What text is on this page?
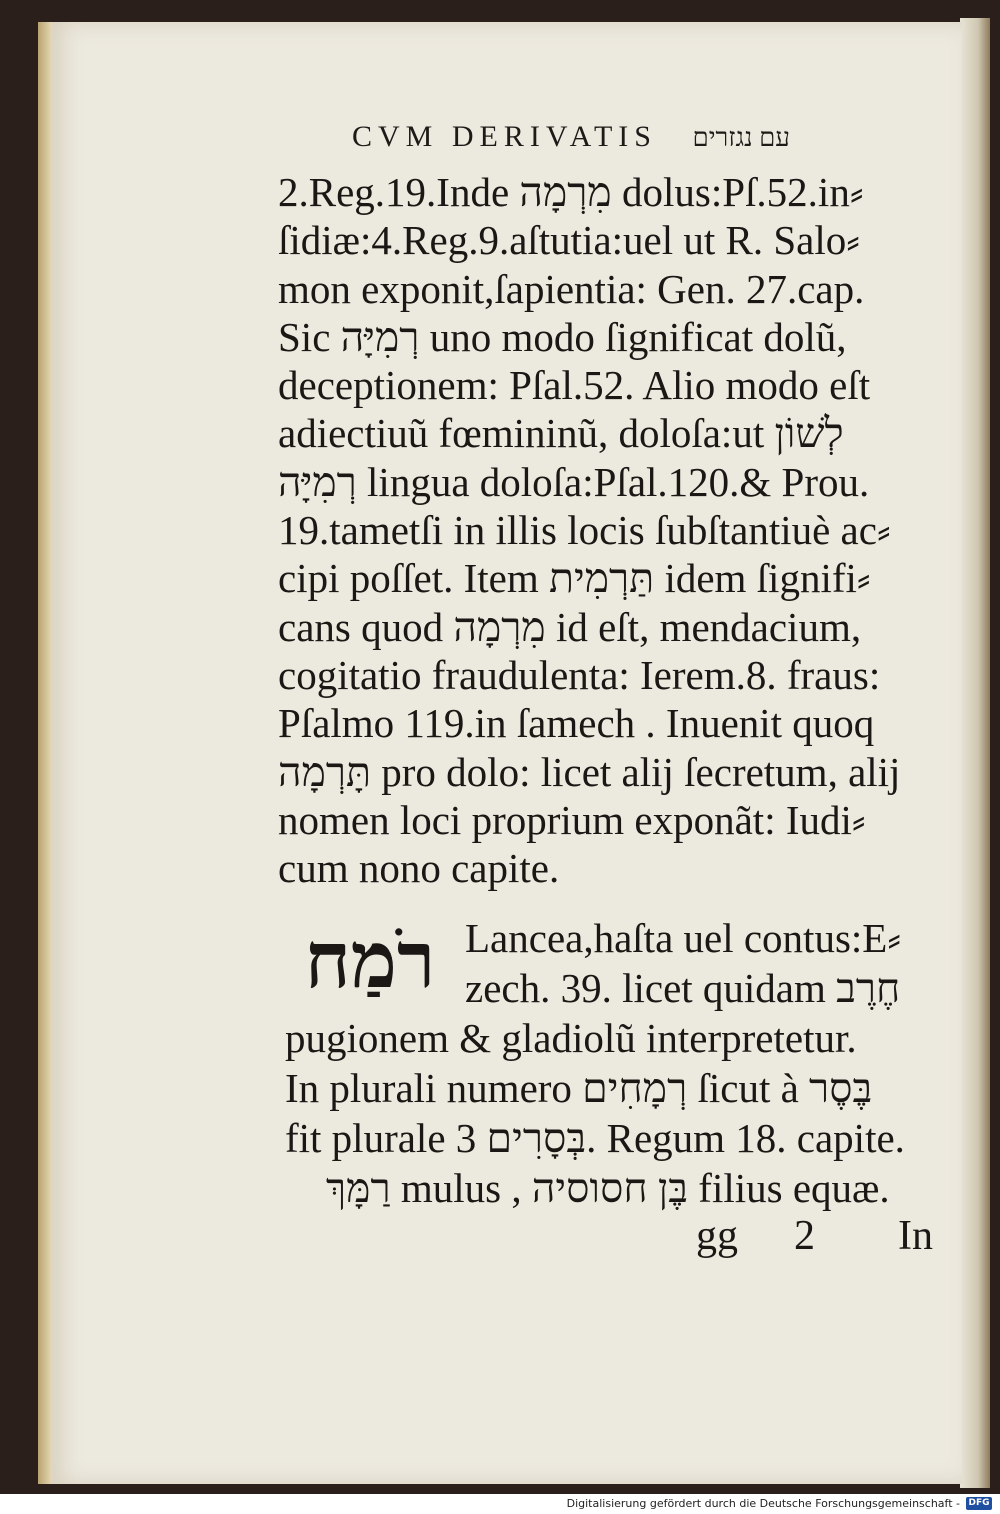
CVM DERIVATIS עם נגזרים
2.Reg.19.Inde מִרְמָה dolus:Pſ.52.in⸗
ſidiæ:4.Reg.9.aſtutia:uel ut R. Salo⸗
mon exponit,ſapientia: Gen. 27.cap.
Sic רְמִיָּה uno modo ſignificat dolũ,
deceptionem: Pſal.52. Alio modo eſt
adiectiuũ fœmininũ, doloſa:ut לְשׁוֹן
רְמִיָּה lingua doloſa:Pſal.120.& Prou.
19.tametſi in illis locis ſubſtantiuè ac⸗
cipi poſſet. Item תַּרְמִית idem ſignifi⸗
cans quod מִרְמָה id eſt, mendacium,
cogitatio fraudulenta: Ierem.8. fraus:
Pſalmo 119.in ſamech . Inuenit quoq
תָּרְמָה pro dolo: licet alij ſecretum, alij
nomen loci proprium exponãt: Iudi⸗
cum nono capite.
רֹמַח Lancea,haſta uel contus:E⸗
zech. 39. licet quidam חֶרֶב
pugionem & gladiolũ interpretetur.
In plurali numero רְמָחִים ſicut à בֶּסֶר
fit plurale בְּסָרִים 3. Regum 18. capite.
רַמָּךְ mulus , בֶּן חסוסיה filius equæ.
gg 2 In
Digitalisierung gefördert durch die Deutsche Forschungsgemeinschaft - DFG
